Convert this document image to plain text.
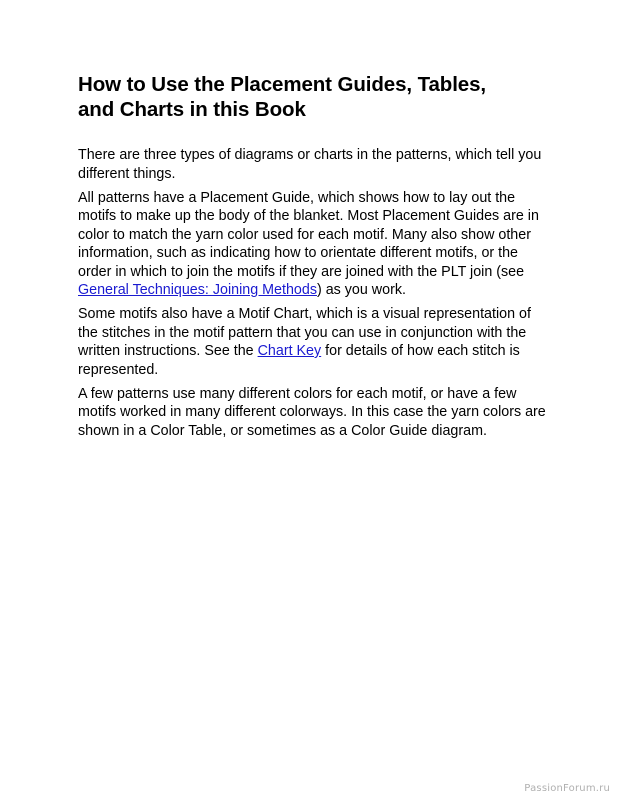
How to Use the Placement Guides, Tables,
and Charts in this Book

There are three types of diagrams or charts in the patterns, which tell you different things.

All patterns have a Placement Guide, which shows how to lay out the motifs to make up the body of the blanket. Most Placement Guides are in color to match the yarn color used for each motif. Many also show other information, such as indicating how to orientate different motifs, or the order in which to join the motifs if they are joined with the PLT join (see General Techniques: Joining Methods) as you work.

Some motifs also have a Motif Chart, which is a visual representation of the stitches in the motif pattern that you can use in conjunction with the written instructions. See the Chart Key for details of how each stitch is represented.

A few patterns use many different colors for each motif, or have a few motifs worked in many different colorways. In this case the yarn colors are shown in a Color Table, or sometimes as a Color Guide diagram.

PassionForum.ru
